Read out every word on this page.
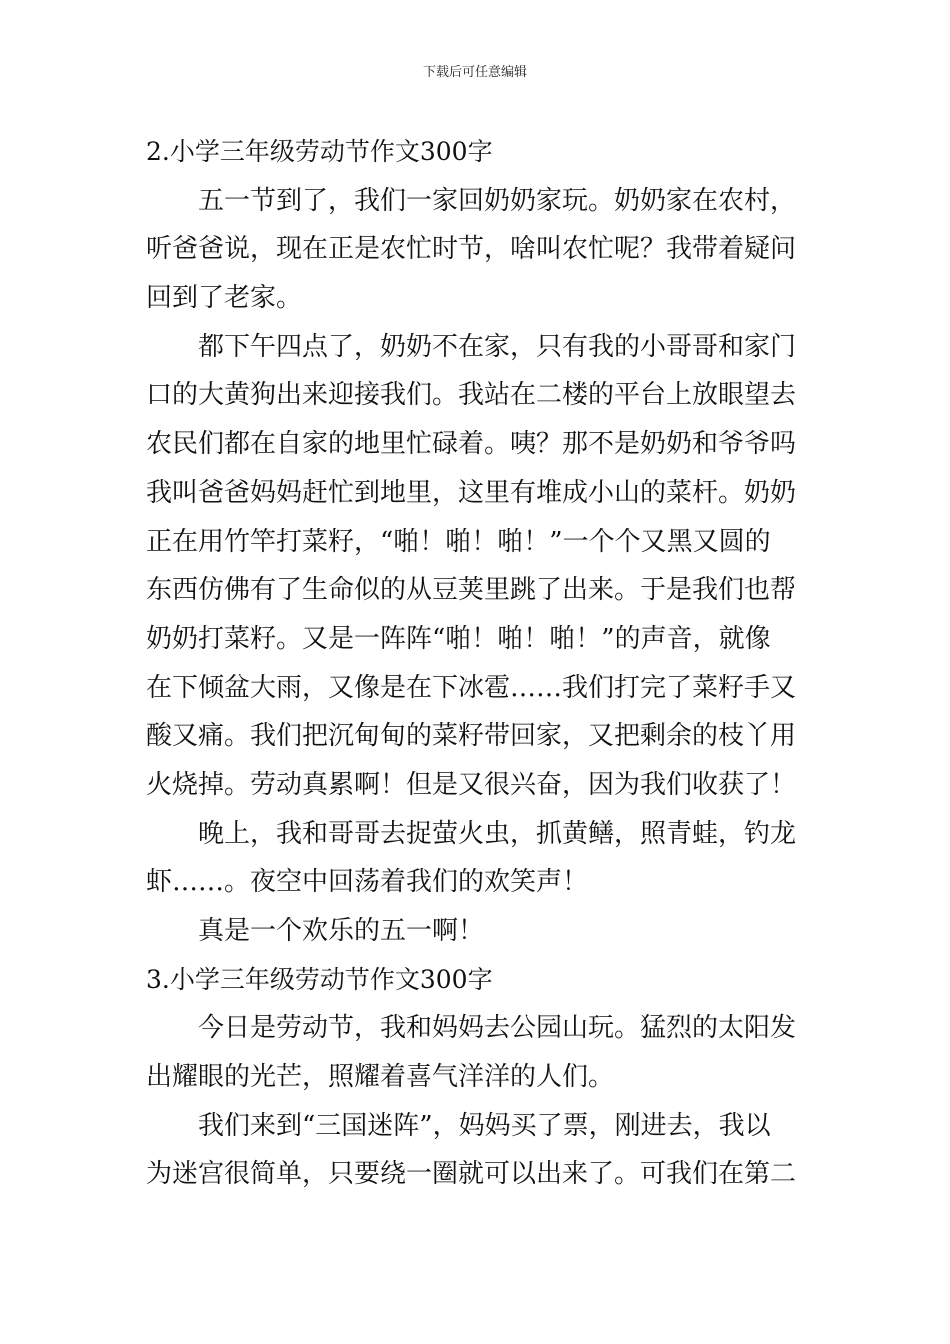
下载后可任意编辑
2.小学三年级劳动节作文300字
五一节到了，我们一家回奶奶家玩。奶奶家在农村，
听爸爸说，现在正是农忙时节，啥叫农忙呢？我带着疑问
回到了老家。
都下午四点了，奶奶不在家，只有我的小哥哥和家门
口的大黄狗出来迎接我们。我站在二楼的平台上放眼望去
农民们都在自家的地里忙碌着。咦？那不是奶奶和爷爷吗
我叫爸爸妈妈赶忙到地里，这里有堆成小山的菜杆。奶奶
正在用竹竿打菜籽，“啪！啪！啪！”一个个又黑又圆的
东西仿佛有了生命似的从豆荚里跳了出来。于是我们也帮
奶奶打菜籽。又是一阵阵“啪！啪！啪！”的声音，就像
在下倾盆大雨，又像是在下冰雹……我们打完了菜籽手又
酸又痛。我们把沉甸甸的菜籽带回家，又把剩余的枝丫用
火烧掉。劳动真累啊！但是又很兴奋，因为我们收获了！
晚上，我和哥哥去捉萤火虫，抓黄鳝，照青蛙，钓龙
虾……。夜空中回荡着我们的欢笑声！
真是一个欢乐的五一啊！
3.小学三年级劳动节作文300字
今日是劳动节，我和妈妈去公园山玩。猛烈的太阳发
出耀眼的光芒，照耀着喜气洋洋的人们。
我们来到“三国迷阵”，妈妈买了票，刚进去，我以
为迷宫很简单，只要绕一圈就可以出来了。可我们在第二
